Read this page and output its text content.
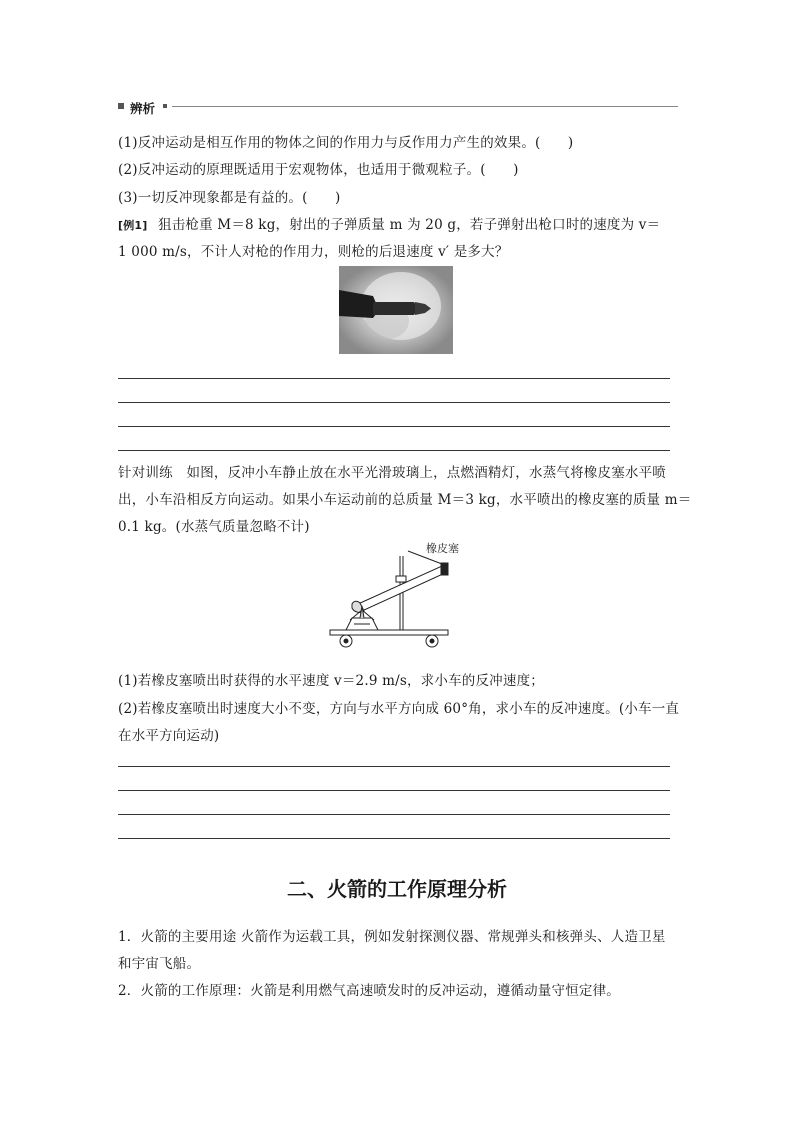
辨析
(1)反冲运动是相互作用的物体之间的作用力与反作用力产生的效果。(　　)
(2)反冲运动的原理既适用于宏观物体，也适用于微观粒子。(　　)
(3)一切反冲现象都是有益的。(　　)
[例1] 狙击枪重 M＝8 kg，射出的子弹质量 m 为 20 g，若子弹射出枪口时的速度为 v＝
1 000 m/s，不计人对枪的作用力，则枪的后退速度 v′ 是多大？
针对训练　如图，反冲小车静止放在水平光滑玻璃上，点燃酒精灯，水蒸气将橡皮塞水平喷
出，小车沿相反方向运动。如果小车运动前的总质量 M＝3 kg，水平喷出的橡皮塞的质量 m＝
0.1 kg。(水蒸气质量忽略不计)
橡皮塞
(1)若橡皮塞喷出时获得的水平速度 v＝2.9 m/s，求小车的反冲速度；
(2)若橡皮塞喷出时速度大小不变，方向与水平方向成 60°角，求小车的反冲速度。(小车一直
在水平方向运动)
二、火箭的工作原理分析
1．火箭的主要用途 火箭作为运载工具，例如发射探测仪器、常规弹头和核弹头、人造卫星
和宇宙飞船。
2．火箭的工作原理：火箭是利用燃气高速喷发时的反冲运动，遵循动量守恒定律。
